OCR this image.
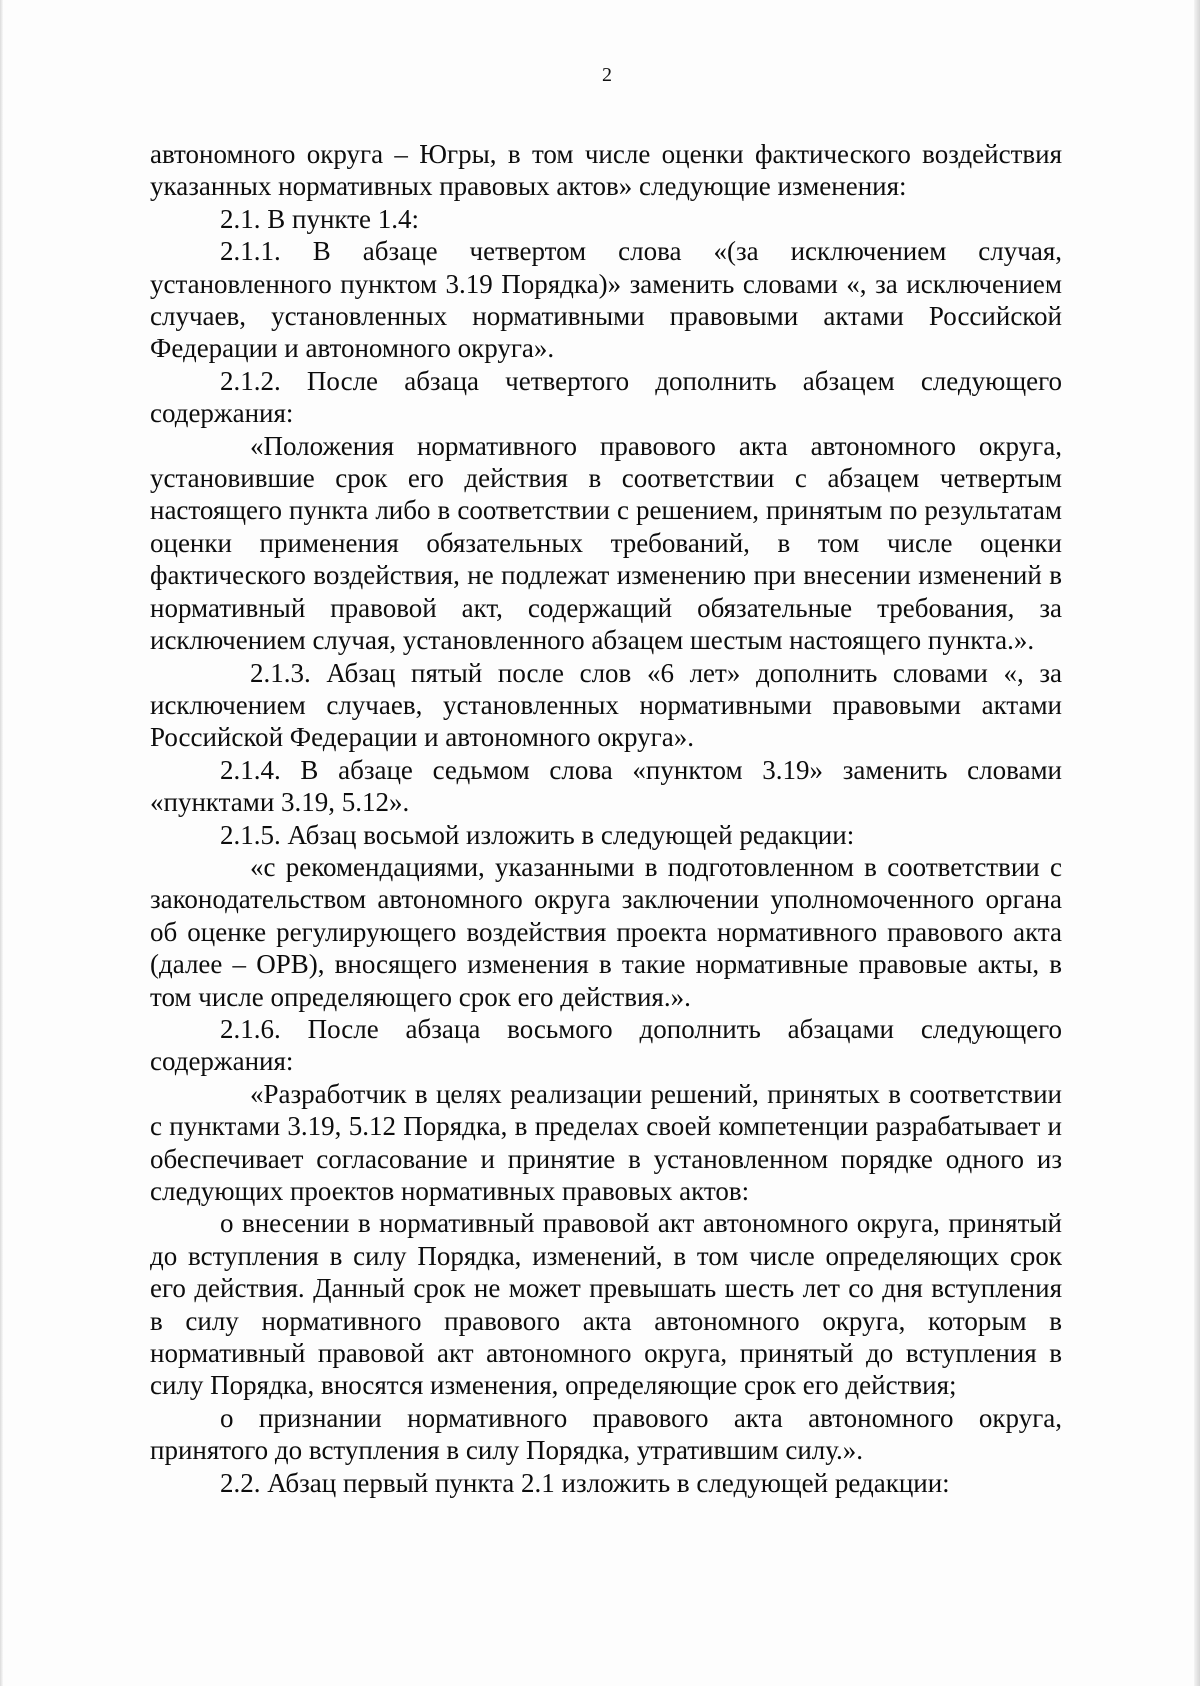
2

автономного округа – Югры, в том числе оценки фактического воздействия указанных нормативных правовых актов» следующие изменения:

2.1. В пункте 1.4:

2.1.1. В абзаце четвертом слова «(за исключением случая, установленного пунктом 3.19 Порядка)» заменить словами «, за исключением случаев, установленных нормативными правовыми актами Российской Федерации и автономного округа».

2.1.2. После абзаца четвертого дополнить абзацем следующего содержания:

«Положения нормативного правового акта автономного округа, установившие срок его действия в соответствии с абзацем четвертым настоящего пункта либо в соответствии с решением, принятым по результатам оценки применения обязательных требований, в том числе оценки фактического воздействия, не подлежат изменению при внесении изменений в нормативный правовой акт, содержащий обязательные требования, за исключением случая, установленного абзацем шестым настоящего пункта.».

2.1.3. Абзац пятый после слов «6 лет» дополнить словами «, за исключением случаев, установленных нормативными правовыми актами Российской Федерации и автономного округа».

2.1.4. В абзаце седьмом слова «пунктом 3.19» заменить словами «пунктами 3.19, 5.12».

2.1.5. Абзац восьмой изложить в следующей редакции:

«с рекомендациями, указанными в подготовленном в соответствии с законодательством автономного округа заключении уполномоченного органа об оценке регулирующего воздействия проекта нормативного правового акта (далее – ОРВ), вносящего изменения в такие нормативные правовые акты, в том числе определяющего срок его действия.».

2.1.6. После абзаца восьмого дополнить абзацами следующего содержания:

«Разработчик в целях реализации решений, принятых в соответствии с пунктами 3.19, 5.12 Порядка, в пределах своей компетенции разрабатывает и обеспечивает согласование и принятие в установленном порядке одного из следующих проектов нормативных правовых актов:

о внесении в нормативный правовой акт автономного округа, принятый до вступления в силу Порядка, изменений, в том числе определяющих срок его действия. Данный срок не может превышать шесть лет со дня вступления в силу нормативного правового акта автономного округа, которым в нормативный правовой акт автономного округа, принятый до вступления в силу Порядка, вносятся изменения, определяющие срок его действия;

о признании нормативного правового акта автономного округа, принятого до вступления в силу Порядка, утратившим силу.».

2.2. Абзац первый пункта 2.1 изложить в следующей редакции:
